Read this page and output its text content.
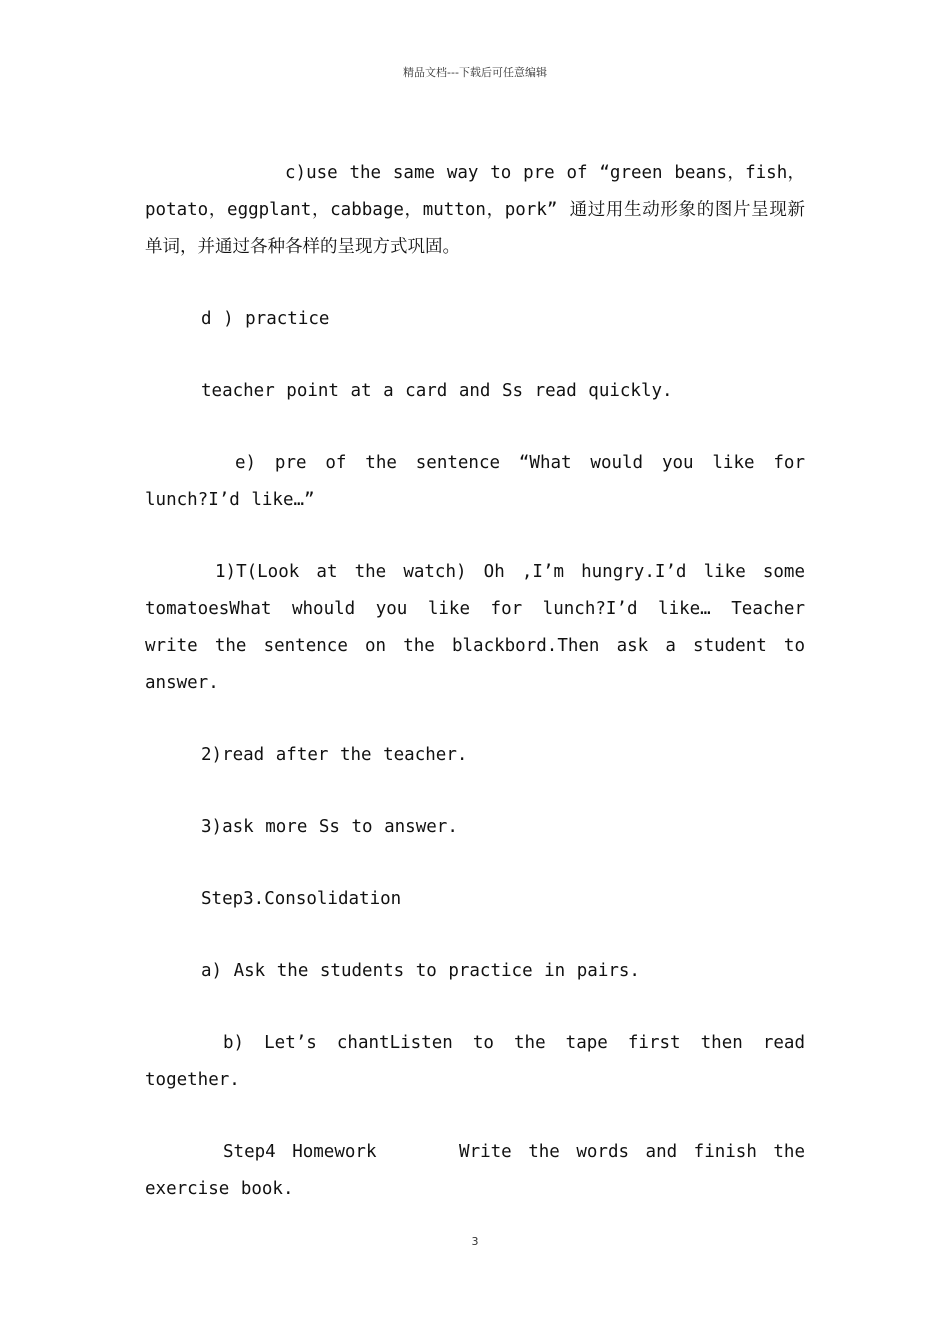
精品文档---下载后可任意编辑

c)use the same way to pre of “green beans，fish，potato，eggplant，cabbage，mutton，pork” 通过用生动形象的图片呈现新单词，并通过各种各样的呈现方式巩固。

d ) practice

teacher point at a card and Ss read quickly.

e) pre of the sentence “What would you like for lunch?I’d like…”

1)T(Look at the watch) Oh ,I’m hungry.I’d like some tomatoesWhat whould you like for lunch?I’d like… Teacher write the sentence on the blackbord.Then ask a student to answer.

2)read after the teacher.

3)ask more Ss to answer.

Step3.Consolidation

a) Ask the students to practice in pairs.

b) Let’s chantListen to the tape first then read together.

Step4 Homework     Write the words and finish the exercise book.

3
